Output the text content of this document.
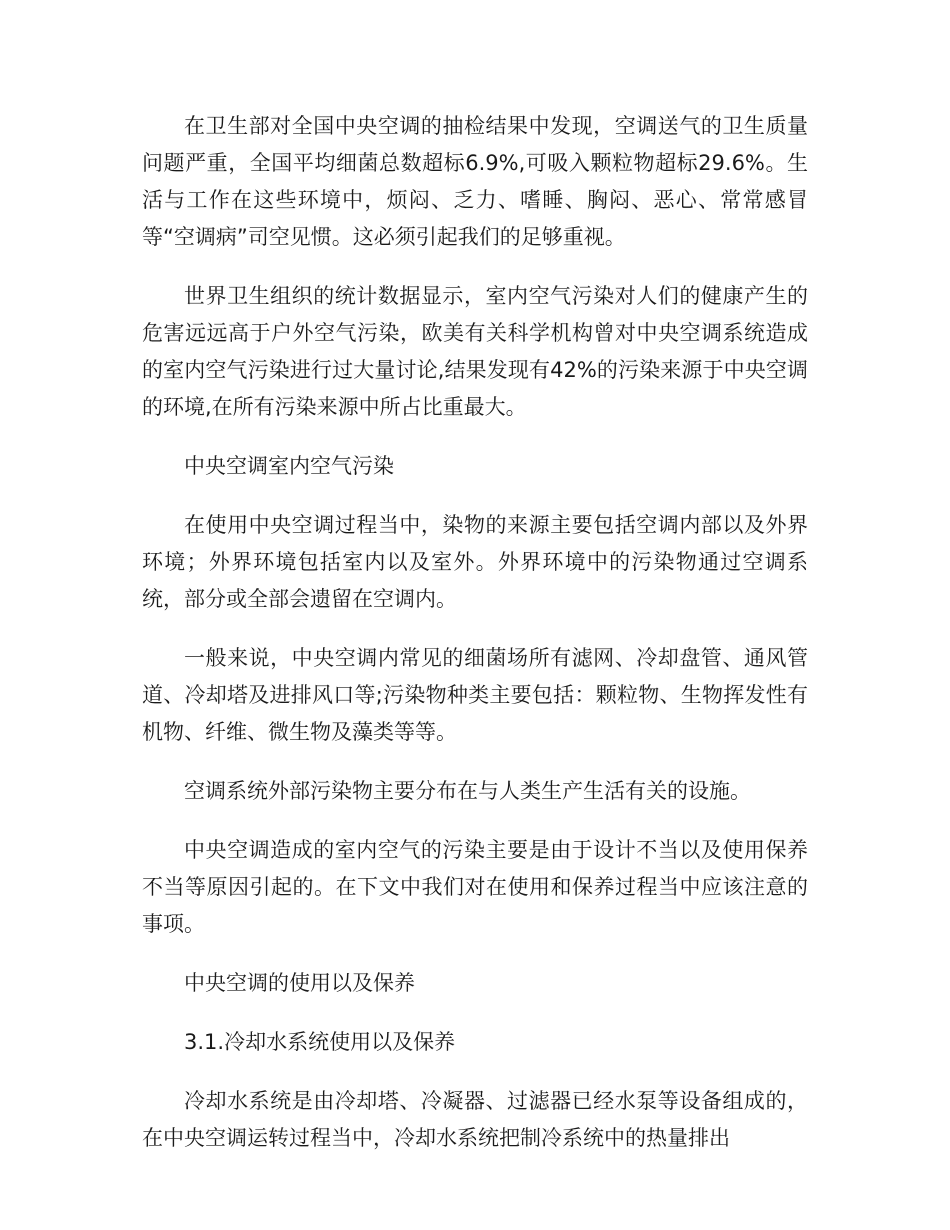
在卫生部对全国中央空调的抽检结果中发现，空调送气的卫生质量问题严重，全国平均细菌总数超标6.9%,可吸入颗粒物超标29.6%。生活与工作在这些环境中，烦闷、乏力、嗜睡、胸闷、恶心、常常感冒等“空调病”司空见惯。这必须引起我们的足够重视。

世界卫生组织的统计数据显示，室内空气污染对人们的健康产生的危害远远高于户外空气污染，欧美有关科学机构曾对中央空调系统造成的室内空气污染进行过大量讨论,结果发现有42%的污染来源于中央空调的环境,在所有污染来源中所占比重最大。

中央空调室内空气污染

在使用中央空调过程当中，染物的来源主要包括空调内部以及外界环境；外界环境包括室内以及室外。外界环境中的污染物通过空调系统，部分或全部会遗留在空调内。

一般来说，中央空调内常见的细菌场所有滤网、冷却盘管、通风管道、冷却塔及进排风口等;污染物种类主要包括：颗粒物、生物挥发性有机物、纤维、微生物及藻类等等。

空调系统外部污染物主要分布在与人类生产生活有关的设施。

中央空调造成的室内空气的污染主要是由于设计不当以及使用保养不当等原因引起的。在下文中我们对在使用和保养过程当中应该注意的事项。

中央空调的使用以及保养

3.1.冷却水系统使用以及保养

冷却水系统是由冷却塔、冷凝器、过滤器已经水泵等设备组成的，在中央空调运转过程当中，冷却水系统把制冷系统中的热量排出
